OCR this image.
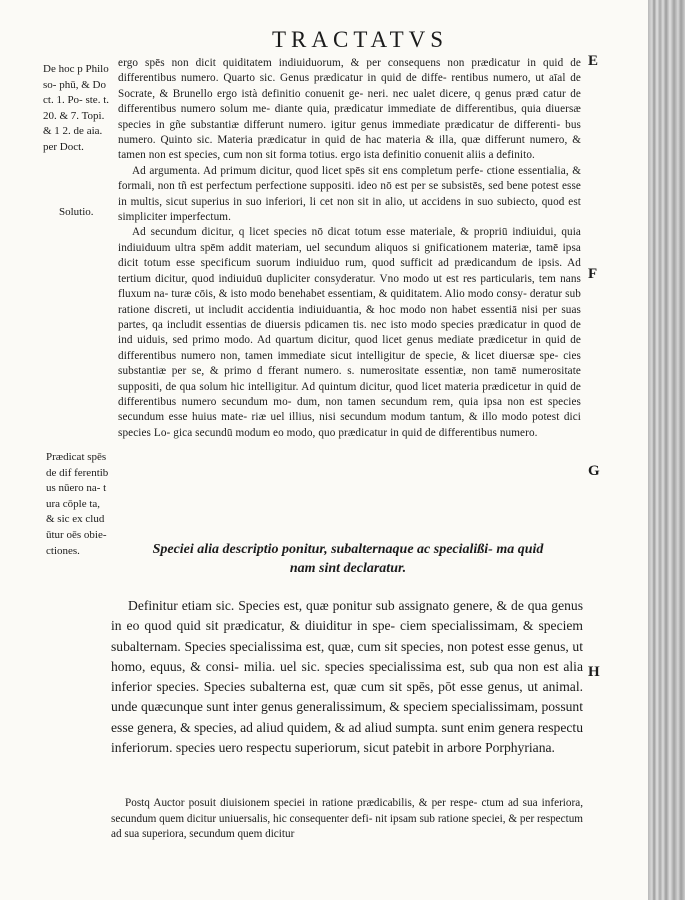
TRACTATVS

De hoc p Philoso- phū, & Do ct. 1. Po- ste. t. 20. & 7. Topi. & 1 2. de aia. per Doct.

Solutio.

Prædicat spēs de dif ferentibus nūero na- tura cōple ta, & sic ex cludūtur oēs obie- ctiones.

E

F

G

H

ergo spēs non dicit quiditatem indiuiduorum, & per consequens non prædicatur in quid de differentibus numero. Quarto sic. Genus prædicatur in quid de diffe- rentibus numero, ut aīal de Socrate, & Brunello ergo istà definitio conuenit ge- neri. nec ualet dicere, q genus præd catur de differentibus numero solum me- diante quia, prædicatur immediate de differentibus, quia diuersæ species in gñe substantiæ differunt numero. igitur genus immediate prædicatur de differenti- bus numero. Quinto sic. Materia prædicatur in quid de hac materia & illa, quæ differunt numero, & tamen non est species, cum non sit forma totius. ergo ista definitio conuenit aliis a definito.

Ad argumenta. Ad primum dicitur, quod licet spēs sit ens completum perfe- ctione essentialia, & formali, non tñ est perfectum perfectione suppositi. ideo nō est per se subsistēs, sed bene potest esse in multis, sicut superius in suo inferiori, li cet non sit in alio, ut accidens in suo subiecto, quod est simpliciter imperfectum.

Ad secundum dicitur, q licet species nō dicat totum esse materiale, & propriū indiuidui, quia indiuiduum ultra spēm addit materiam, uel secundum aliquos si gnificationem materiæ, tamē ipsa dicit totum esse specificum suorum indiuiduo rum, quod sufficit ad prædicandum de ipsis. Ad tertium dicitur, quod indiuiduū dupliciter consyderatur. Vno modo ut est res particularis, tem nans fluxum na- turæ cōis, & isto modo benehabet essentiam, & quiditatem. Alio modo consy- deratur sub ratione discreti, ut includit accidentia indiuiduantia, & hoc modo non habet essentiā nisi per suas partes, qa includit essentias de diuersis pdicamen tis. nec isto modo species prædicatur in quod de ind uiduis, sed primo modo. Ad quartum dicitur, quod licet genus mediate prædicetur in quid de differentibus numero non, tamen immediate sicut intelligitur de specie, & licet diuersæ spe- cies substantiæ per se, & primo d fferant numero. s. numerositate essentiæ, non tamē numerositate suppositi, de qua solum hic intelligitur. Ad quintum dicitur, quod licet materia prædicetur in quid de differentibus numero secundum mo- dum, non tamen secundum rem, quia ipsa non est species secundum esse huius mate- riæ uel illius, nisi secundum modum tantum, & illo modo potest dici species Lo- gica secundū modum eo modo, quo prædicatur in quid de differentibus numero.

Speciei alia descriptio ponitur, subalternaque ac specialißi- ma quid nam sint declaratur.

Definitur etiam sic. Species est, quæ ponitur sub assignato genere, & de qua genus in eo quod quid sit prædicatur, & diuiditur in spe- ciem specialissimam, & speciem subalternam. Species specialissima est, quæ, cum sit species, non potest esse genus, ut homo, equus, & consi- milia. uel sic. species specialissima est, sub qua non est alia inferior species. Species subalterna est, quæ cum sit spēs, pōt esse genus, ut animal. unde quæcunque sunt inter genus generalissimum, & speciem specialissimam, possunt esse genera, & species, ad aliud quidem, & ad aliud sumpta. sunt enim genera respectu inferiorum. species uero respectu superiorum, sicut patebit in arbore Porphyriana.

Postq Auctor posuit diuisionem speciei in ratione prædicabilis, & per respe- ctum ad sua inferiora, secundum quem dicitur uniuersalis, hic consequenter defi- nit ipsam sub ratione speciei, & per respectum ad sua superiora, secundum quem dicitur
